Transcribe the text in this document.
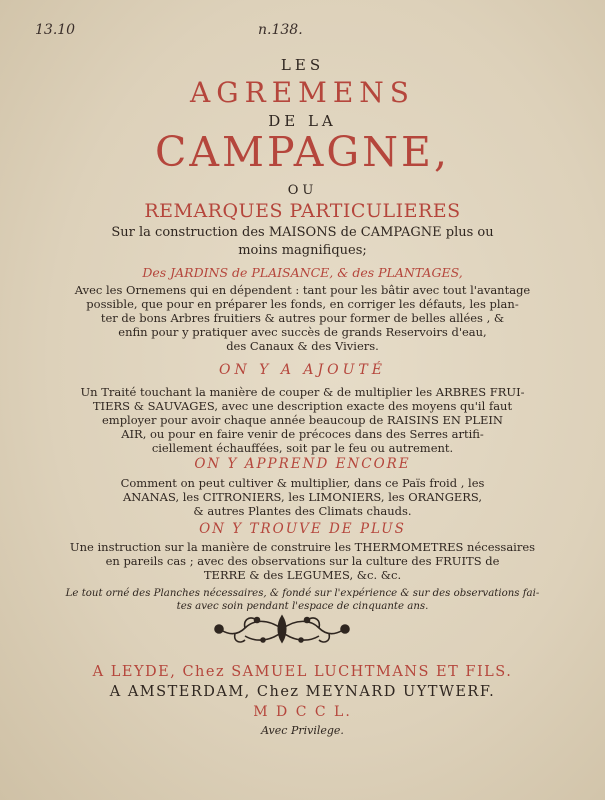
13.10	n.138.

LES

AGREMENS

DE LA

CAMPAGNE,

OU

REMARQUES PARTICULIERES

Sur la construction des MAISONS de CAMPAGNE plus ou

moins magnifiques;

Des JARDINS de PLAISANCE, & des PLANTAGES,

Avec les Ornemens qui en dépendent : tant pour les bâtir avec tout l'avantage

possible, que pour en préparer les fonds, en corriger les défauts, les plan-

ter de bons Arbres fruitiers & autres pour former de belles allées , &

enfin pour y pratiquer avec succès de grands Reservoirs d'eau,

des Canaux & des Viviers.

ON Y A AJOUTÉ

Un Traité touchant la manière de couper & de multiplier les ARBRES FRUI-

TIERS & SAUVAGES, avec une description exacte des moyens qu'il faut

employer pour avoir chaque année beaucoup de RAISINS EN PLEIN

AIR, ou pour en faire venir de précoces dans des Serres artifi-

ciellement échauffées, soit par le feu ou autrement.

ON Y APPREND ENCORE

Comment on peut cultiver & multiplier, dans ce Païs froid , les

ANANAS, les CITRONIERS, les LIMONIERS, les ORANGERS,

& autres Plantes des Climats chauds.

ON Y TROUVE DE PLUS

Une instruction sur la manière de construire les THERMOMETRES nécessaires

en pareils cas ; avec des observations sur la culture des FRUITS de

TERRE & des LEGUMES, &c. &c.

Le tout orné des Planches nécessaires, & fondé sur l'expérience & sur des observations fai-

tes avec soin pendant l'espace de cinquante ans.

A LEYDE, Chez SAMUEL LUCHTMANS ET FILS.

A AMSTERDAM, Chez MEYNARD UYTWERF.

M D C C L.

Avec Privilege.
